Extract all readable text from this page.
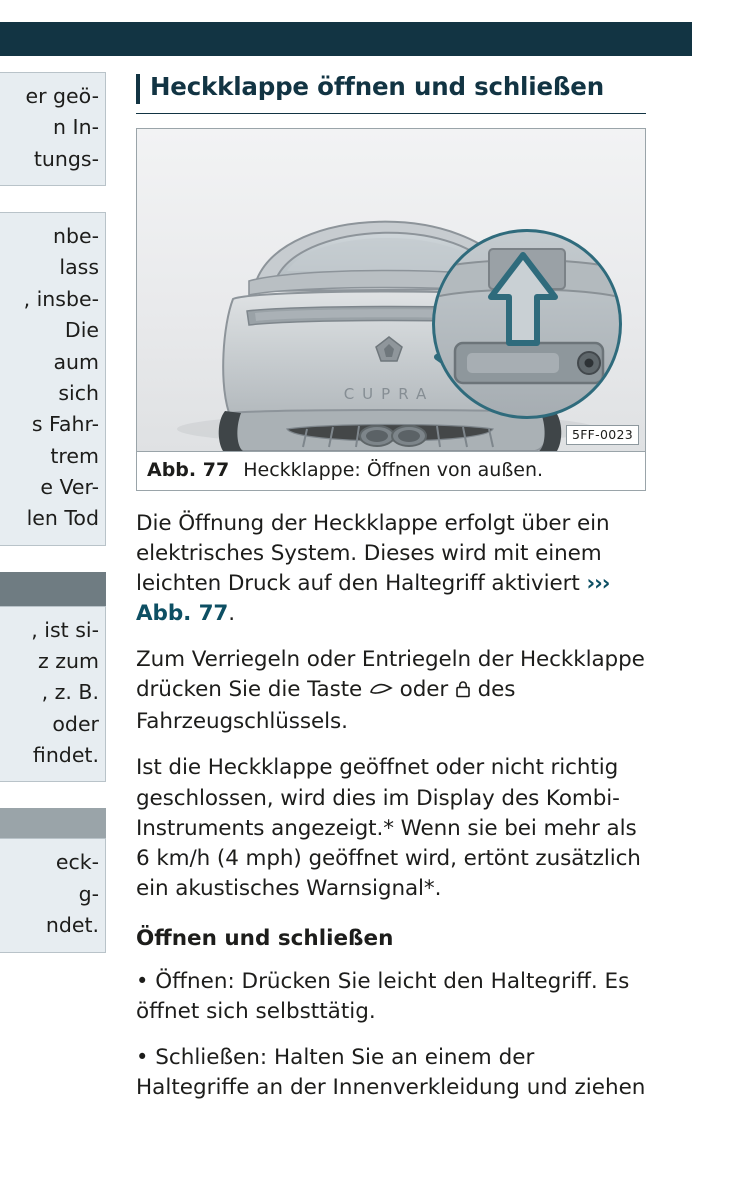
er geö-
n In-
tungs-
nbe-
lass
, insbe-
Die
aum
sich
s Fahr-
trem
e Ver-
len Tod
, ist si-
z zum
, z. B.
oder
findet.
eck-
g-
ndet.
Heckklappe öffnen und schließen
CUPRA
5FF-0023
Abb. 77 Heckklappe: Öffnen von außen.

Die Öffnung der Heckklappe erfolgt über ein elektrisches System. Dieses wird mit einem leichten Druck auf den Haltegriff aktiviert ››› Abb. 77.

Zum Verriegeln oder Entriegeln der Heckklappe drücken Sie die Taste  oder  des Fahrzeugschlüssels.

Ist die Heckklappe geöffnet oder nicht richtig geschlossen, wird dies im Display des Kombi-Instruments angezeigt.* Wenn sie bei mehr als 6 km/h (4 mph) geöffnet wird, ertönt zusätzlich ein akustisches Warnsignal*.

Öffnen und schließen
• Öffnen: Drücken Sie leicht den Haltegriff. Es öffnet sich selbsttätig.
• Schließen: Halten Sie an einem der Haltegriffe an der Innenverkleidung und ziehen
